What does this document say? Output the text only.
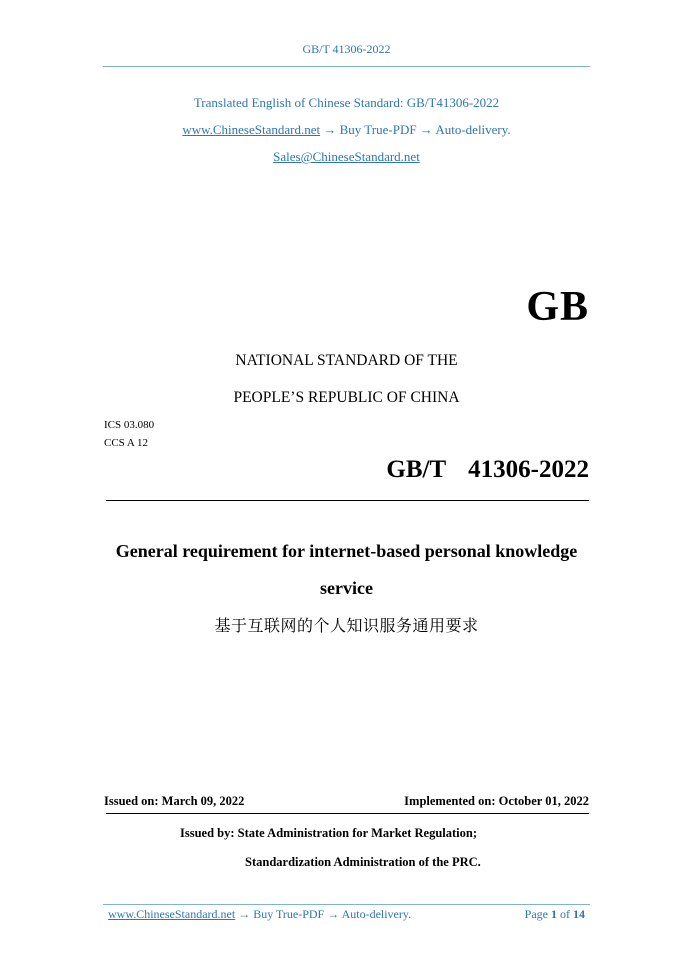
GB/T 41306-2022
Translated English of Chinese Standard: GB/T41306-2022
www.ChineseStandard.net → Buy True-PDF → Auto-delivery.
Sales@ChineseStandard.net
GB
NATIONAL STANDARD OF THE
PEOPLE’S REPUBLIC OF CHINA
ICS 03.080
CCS A 12
GB/T  41306-2022
General requirement for internet-based personal knowledge
service
基于互联网的个人知识服务通用要求
Issued on: March 09, 2022	Implemented on: October 01, 2022
Issued by: State Administration for Market Regulation;
Standardization Administration of the PRC.
www.ChineseStandard.net → Buy True-PDF → Auto-delivery.	Page 1 of 14
